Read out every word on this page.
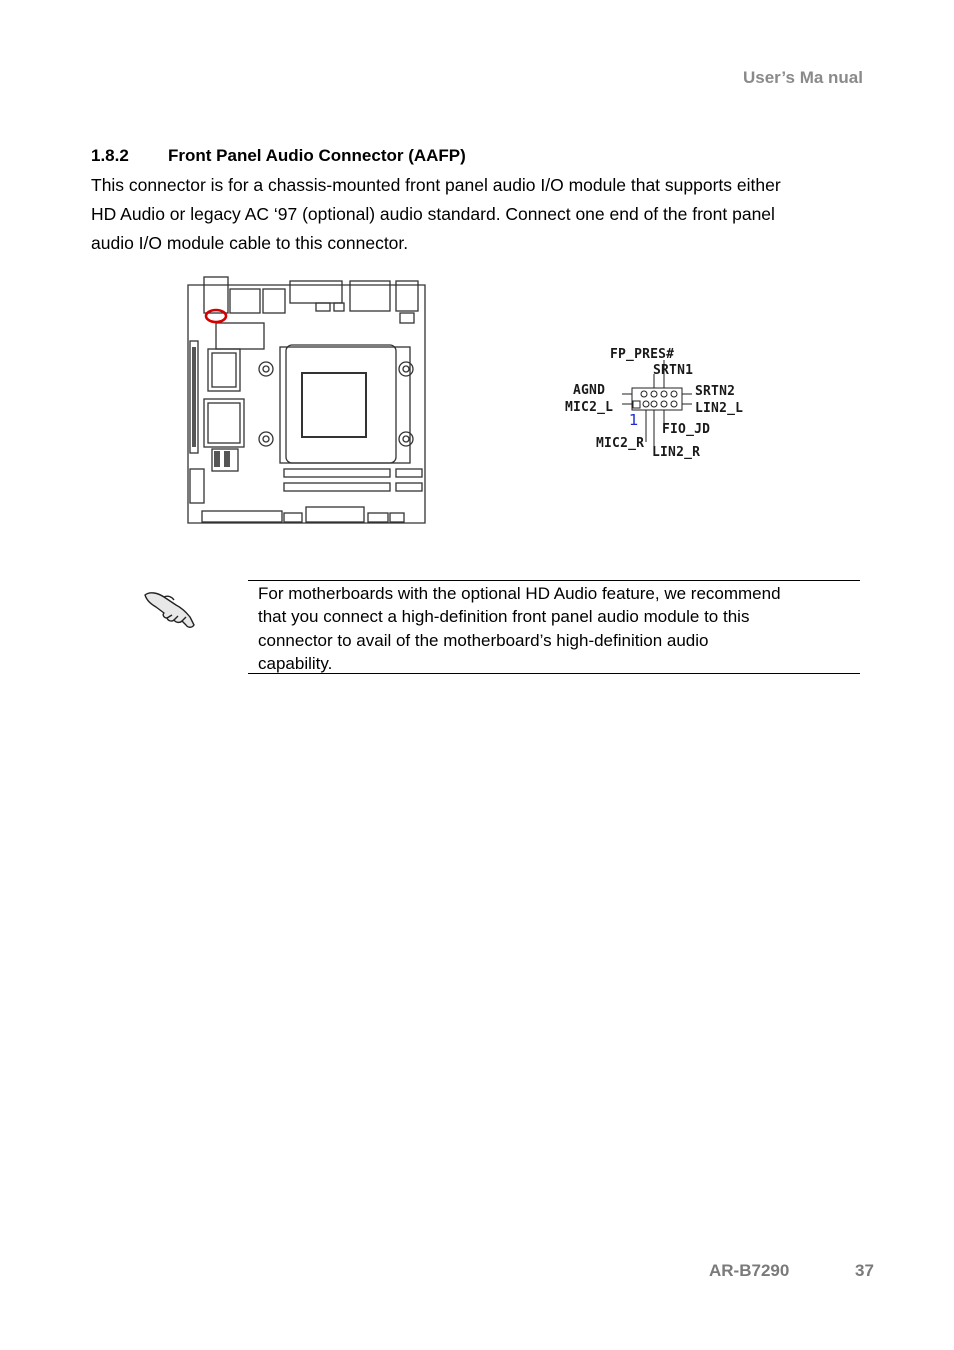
User’s Ma nual
1.8.2 Front Panel Audio Connector (AAFP)
This connector is for a chassis-mounted front panel audio I/O module that supports either
HD Audio or legacy AC ‘97 (optional) audio standard. Connect one end of the front panel
audio I/O module cable to this connector.
FP_PRES#
SRTN1
AGND	SRTN2
MIC2_L	LIN2_L
1
FIO_JD
MIC2_R
LIN2_R
For motherboards with the optional HD Audio feature, we recommend
that you connect a high-definition front panel audio module to this
connector to avail of the motherboard’s high‐definition audio
capability.
AR-B7290	37
